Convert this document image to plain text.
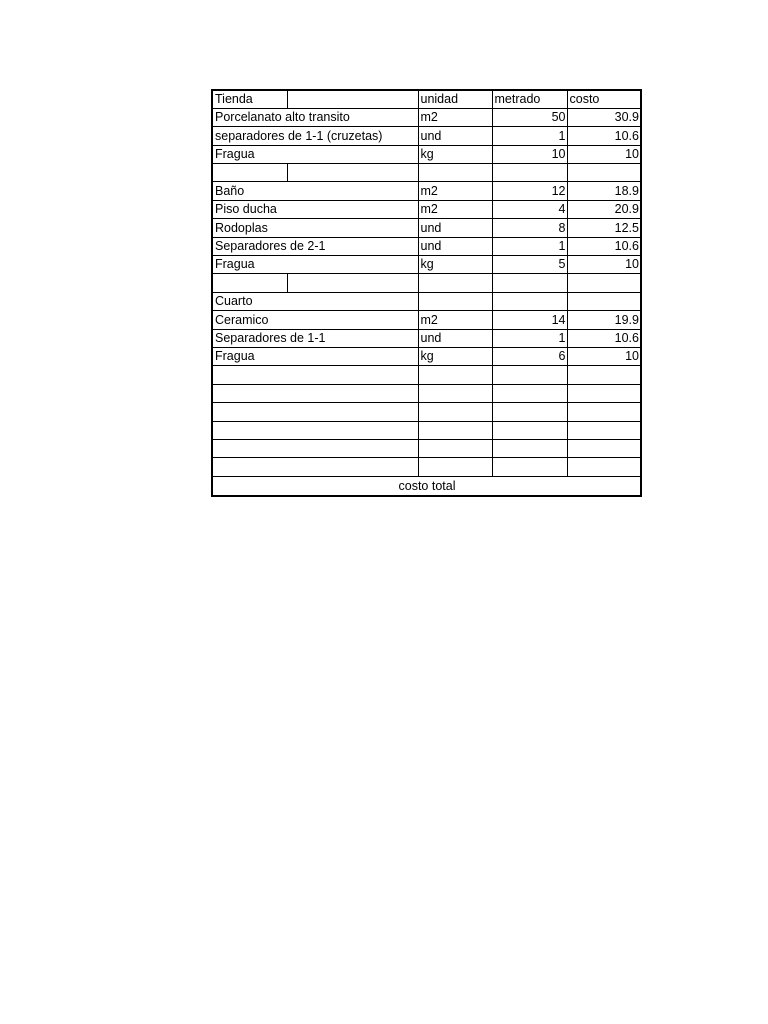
Tienda		unidad	metrado	costo
Porcelanato alto transito		m2	50	30.9
separadores de 1-1 (cruzetas)		und	1	10.6
Fragua		kg	10	10

Baño		m2	12	18.9
Piso ducha		m2	4	20.9
Rodoplas		und	8	12.5
Separadores de 2-1		und	1	10.6
Fragua		kg	5	10

Cuarto				
Ceramico		m2	14	19.9
Separadores de 1-1		und	1	10.6
Fragua		kg	6	10

costo total				
